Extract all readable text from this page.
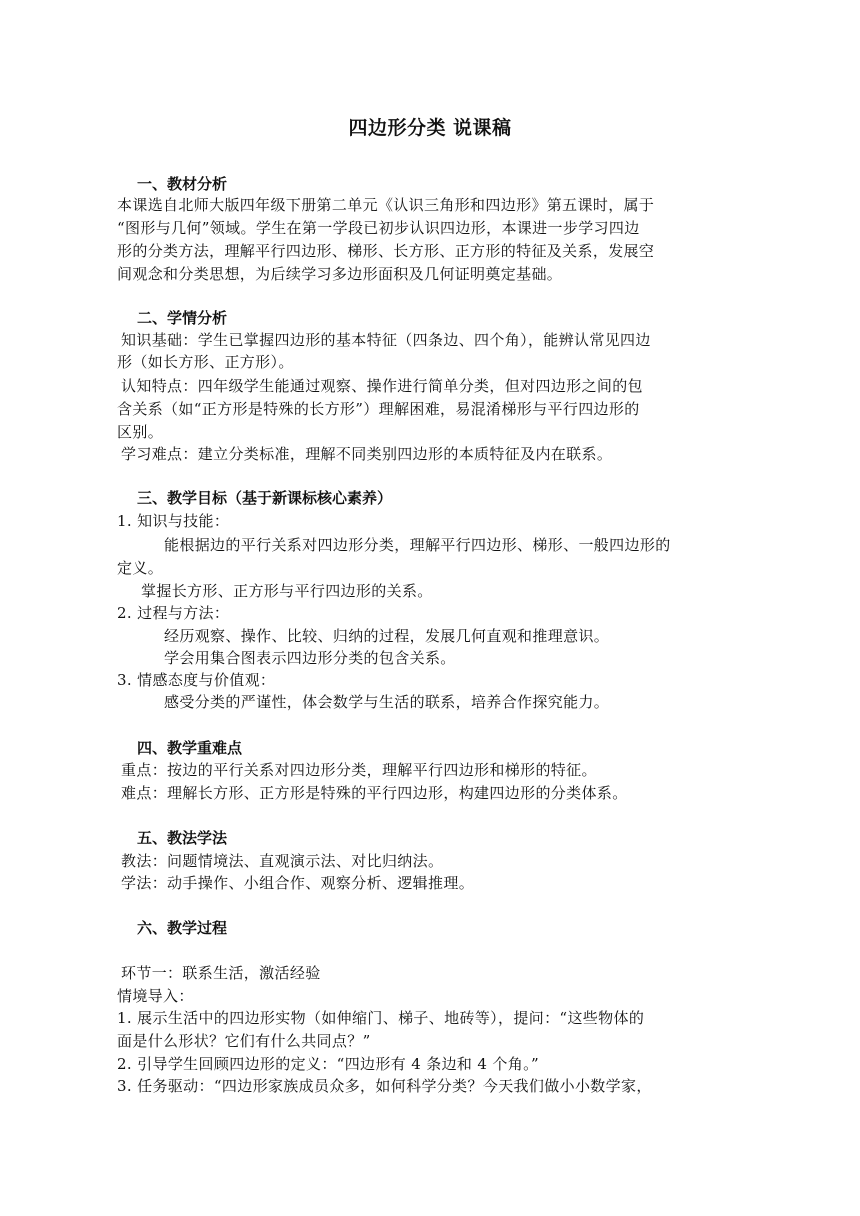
四边形分类 说课稿
一、教材分析
本课选自北师大版四年级下册第二单元《认识三角形和四边形》第五课时，属于
“图形与几何”领域。学生在第一学段已初步认识四边形，本课进一步学习四边
形的分类方法，理解平行四边形、梯形、长方形、正方形的特征及关系，发展空
间观念和分类思想，为后续学习多边形面积及几何证明奠定基础。
二、学情分析
知识基础：学生已掌握四边形的基本特征（四条边、四个角），能辨认常见四边
形（如长方形、正方形）。
认知特点：四年级学生能通过观察、操作进行简单分类，但对四边形之间的包
含关系（如“正方形是特殊的长方形”）理解困难，易混淆梯形与平行四边形的
区别。
学习难点：建立分类标准，理解不同类别四边形的本质特征及内在联系。
三、教学目标（基于新课标核心素养）
1. 知识与技能：
能根据边的平行关系对四边形分类，理解平行四边形、梯形、一般四边形的
定义。
掌握长方形、正方形与平行四边形的关系。
2. 过程与方法：
经历观察、操作、比较、归纳的过程，发展几何直观和推理意识。
学会用集合图表示四边形分类的包含关系。
3. 情感态度与价值观：
感受分类的严谨性，体会数学与生活的联系，培养合作探究能力。
四、教学重难点
重点：按边的平行关系对四边形分类，理解平行四边形和梯形的特征。
难点：理解长方形、正方形是特殊的平行四边形，构建四边形的分类体系。
五、教法学法
教法：问题情境法、直观演示法、对比归纳法。
学法：动手操作、小组合作、观察分析、逻辑推理。
六、教学过程
环节一：联系生活，激活经验
情境导入：
1. 展示生活中的四边形实物（如伸缩门、梯子、地砖等），提问：“这些物体的
面是什么形状？它们有什么共同点？”
2. 引导学生回顾四边形的定义：“四边形有 4 条边和 4 个角。”
3. 任务驱动：“四边形家族成员众多，如何科学分类？今天我们做小小数学家，
